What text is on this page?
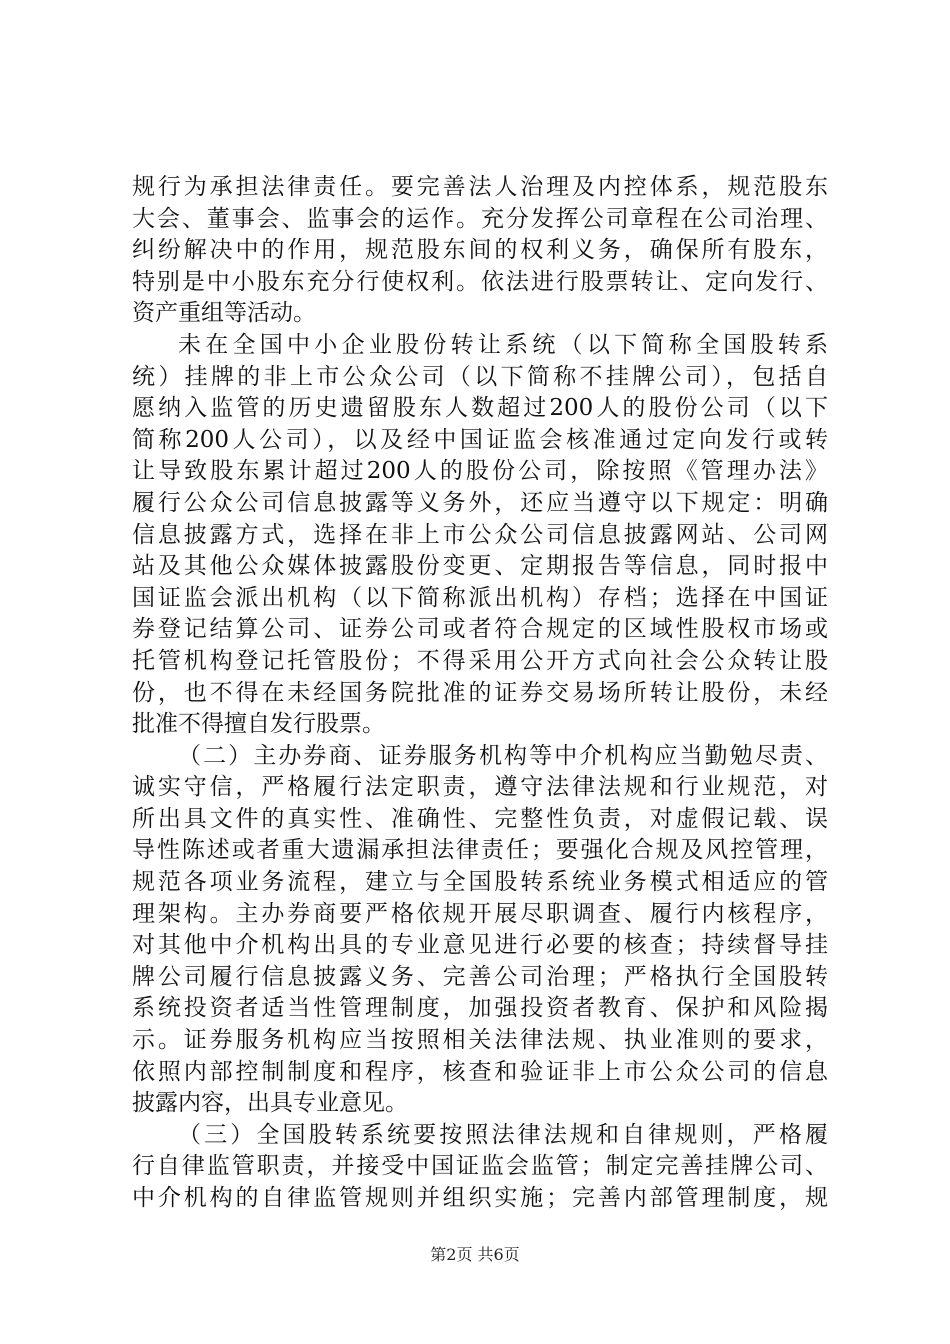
规行为承担法律责任。要完善法人治理及内控体系，规范股东
大会、董事会、监事会的运作。充分发挥公司章程在公司治理、
纠纷解决中的作用，规范股东间的权利义务，确保所有股东，
特别是中小股东充分行使权利。依法进行股票转让、定向发行、
资产重组等活动。
未在全国中小企业股份转让系统（以下简称全国股转系
统）挂牌的非上市公众公司（以下简称不挂牌公司），包括自
愿纳入监管的历史遗留股东人数超过200人的股份公司（以下
简称200人公司），以及经中国证监会核准通过定向发行或转
让导致股东累计超过200人的股份公司，除按照《管理办法》
履行公众公司信息披露等义务外，还应当遵守以下规定：明确
信息披露方式，选择在非上市公众公司信息披露网站、公司网
站及其他公众媒体披露股份变更、定期报告等信息，同时报中
国证监会派出机构（以下简称派出机构）存档；选择在中国证
券登记结算公司、证券公司或者符合规定的区域性股权市场或
托管机构登记托管股份；不得采用公开方式向社会公众转让股
份，也不得在未经国务院批准的证券交易场所转让股份，未经
批准不得擅自发行股票。
（二）主办券商、证券服务机构等中介机构应当勤勉尽责、
诚实守信，严格履行法定职责，遵守法律法规和行业规范，对
所出具文件的真实性、准确性、完整性负责，对虚假记载、误
导性陈述或者重大遗漏承担法律责任；要强化合规及风控管理，
规范各项业务流程，建立与全国股转系统业务模式相适应的管
理架构。主办券商要严格依规开展尽职调查、履行内核程序，
对其他中介机构出具的专业意见进行必要的核查；持续督导挂
牌公司履行信息披露义务、完善公司治理；严格执行全国股转
系统投资者适当性管理制度，加强投资者教育、保护和风险揭
示。证券服务机构应当按照相关法律法规、执业准则的要求，
依照内部控制制度和程序，核查和验证非上市公众公司的信息
披露内容，出具专业意见。
（三）全国股转系统要按照法律法规和自律规则，严格履
行自律监管职责，并接受中国证监会监管；制定完善挂牌公司、
中介机构的自律监管规则并组织实施；完善内部管理制度，规
第2页 共6页
